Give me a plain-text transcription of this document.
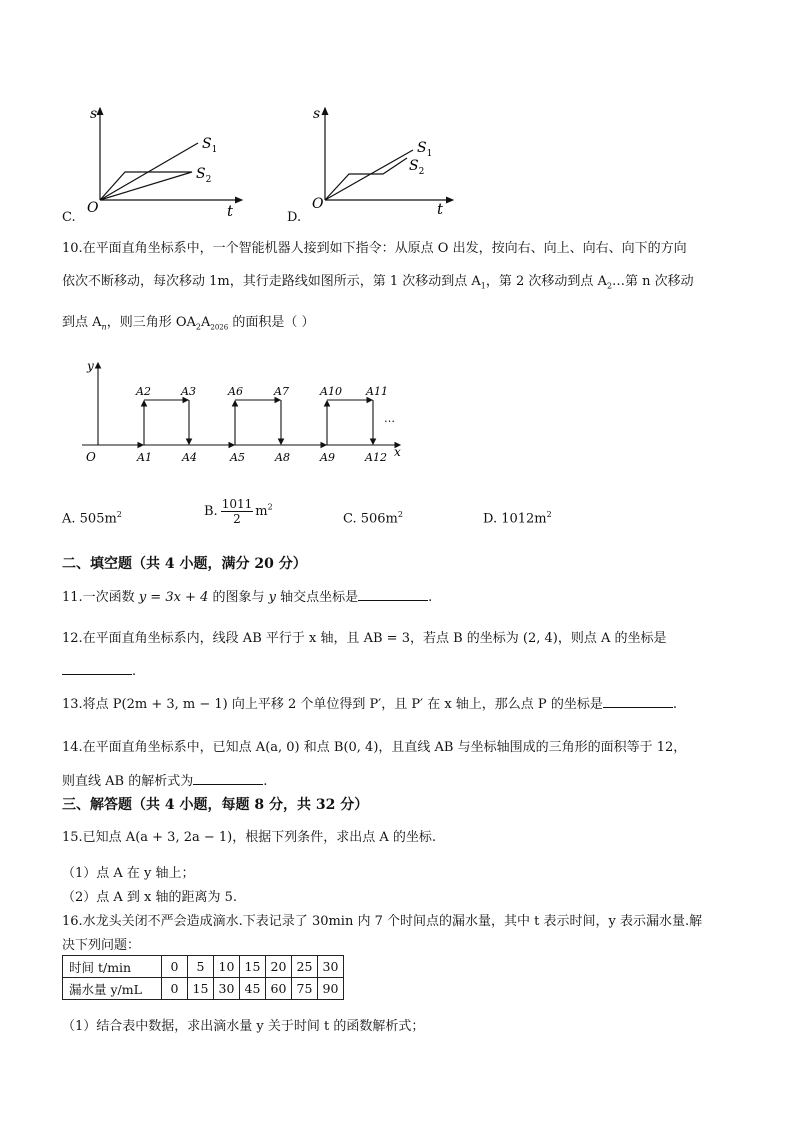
s
t
O
$S_1$
$S_2$
C.
s
t
O
$S_1$
$S_2$
D.
10.在平面直角坐标系中，一个智能机器人接到如下指令：从原点 O 出发，按向右、向上、向右、向下的方向
依次不断移动，每次移动 1m，其行走路线如图所示，第 1 次移动到点 $A_1$，第 2 次移动到点 $A_2\dots$第 n 次移动
到点 $A_n$，则三角形 $OA_2A_{2026}$ 的面积是（ ）
y
x
O
…
A2	A3	A6	A7	A10 A11
A1	A4	A5	A8	A9	A12
A. $505m^2$	B. $\frac{1011}{2} m^2$
C. $506m^2$	D. $1012m^2$
二、填空题（共 4 小题，满分 20 分）
11.一次函数 y = 3x + 4 的图象与 y 轴交点坐标是	.
12.在平面直角坐标系内，线段 AB 平行于 x 轴，且 AB = 3，若点 B 的坐标为 (2, 4)，则点 A 的坐标是
.
13.将点 P(2m + 3, m − 1) 向上平移 2 个单位得到 P′，且 P′ 在 x 轴上，那么点 P 的坐标是	.
14.在平面直角坐标系中，已知点 A(a, 0) 和点 B(0, 4)，且直线 AB 与坐标轴围成的三角形的面积等于 12，
则直线 AB 的解析式为	.
三、解答题（共 4 小题，每题 8 分，共 32 分）
15.已知点 A(a + 3, 2a − 1)，根据下列条件，求出点 A 的坐标.
（1）点 A 在 y 轴上；
（2）点 A 到 x 轴的距离为 5.
16.水龙头关闭不严会造成滴水.下表记录了 30min 内 7 个时间点的漏水量，其中 t 表示时间，y 表示漏水量.解
决下列问题：
时间 t/min	0	5	10	15	20	25	30
漏水量 y/mL	0	15	30	45	60	75	90
（1）结合表中数据，求出滴水量 y 关于时间 t 的函数解析式；
